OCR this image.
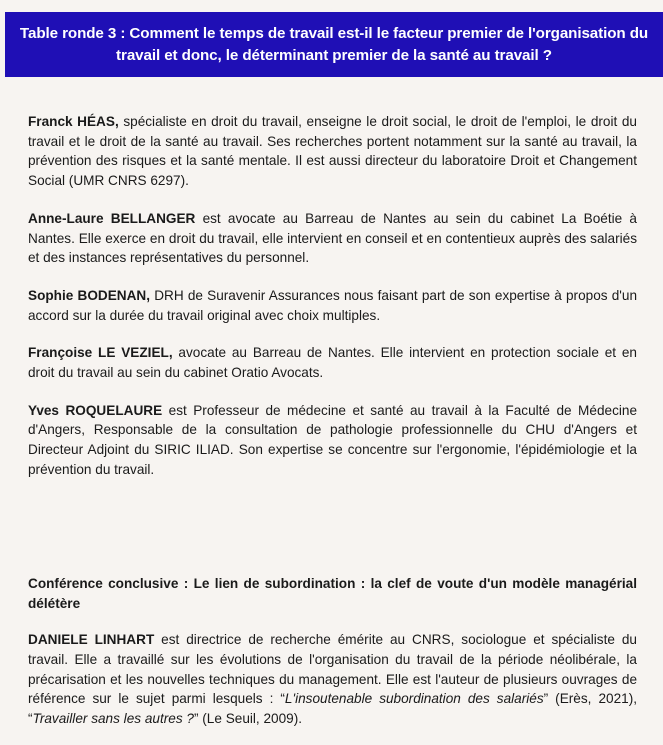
Table ronde 3 : Comment le temps de travail est-il le facteur premier de l'organisation du travail et donc, le déterminant premier de la santé au travail ?

Franck HÉAS, spécialiste en droit du travail, enseigne le droit social, le droit de l'emploi, le droit du travail et le droit de la santé au travail. Ses recherches portent notamment sur la santé au travail, la prévention des risques et la santé mentale. Il est aussi directeur du laboratoire Droit et Changement Social (UMR CNRS 6297).

Anne-Laure BELLANGER est avocate au Barreau de Nantes au sein du cabinet La Boétie à Nantes. Elle exerce en droit du travail, elle intervient en conseil et en contentieux auprès des salariés et des instances représentatives du personnel.

Sophie BODENAN, DRH de Suravenir Assurances nous faisant part de son expertise à propos d'un accord sur la durée du travail original avec choix multiples.

Françoise LE VEZIEL, avocate au Barreau de Nantes. Elle intervient en protection sociale et en droit du travail au sein du cabinet Oratio Avocats.

Yves ROQUELAURE est Professeur de médecine et santé au travail à la Faculté de Médecine d'Angers, Responsable de la consultation de pathologie professionnelle du CHU d'Angers et Directeur Adjoint du SIRIC ILIAD. Son expertise se concentre sur l'ergonomie, l'épidémiologie et la prévention du travail.

Conférence conclusive : Le lien de subordination : la clef de voute d'un modèle managérial délétère

DANIELE LINHART est directrice de recherche émérite au CNRS, sociologue et spécialiste du travail. Elle a travaillé sur les évolutions de l'organisation du travail de la période néolibérale, la précarisation et les nouvelles techniques du management. Elle est l'auteur de plusieurs ouvrages de référence sur le sujet parmi lesquels : “L'insoutenable subordination des salariés” (Erès, 2021), “Travailler sans les autres ?” (Le Seuil, 2009).
